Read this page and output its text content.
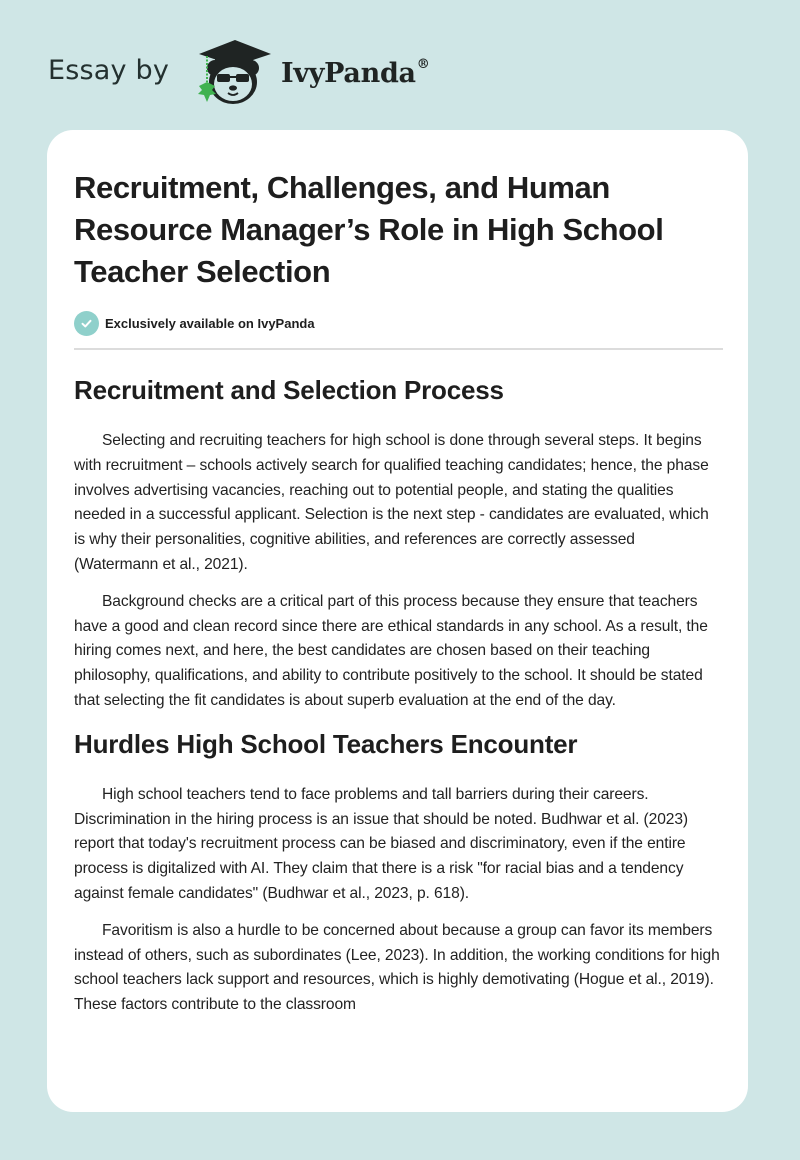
Essay by	IvyPanda®
Recruitment, Challenges, and Human Resource Manager’s Role in High School Teacher Selection
Exclusively available on IvyPanda
Recruitment and Selection Process

Selecting and recruiting teachers for high school is done through several steps. It begins with recruitment – schools actively search for qualified teaching candidates; hence, the phase involves advertising vacancies, reaching out to potential people, and stating the qualities needed in a successful applicant. Selection is the next step - candidates are evaluated, which is why their personalities, cognitive abilities, and references are correctly assessed (Watermann et al., 2021).

Background checks are a critical part of this process because they ensure that teachers have a good and clean record since there are ethical standards in any school. As a result, the hiring comes next, and here, the best candidates are chosen based on their teaching philosophy, qualifications, and ability to contribute positively to the school. It should be stated that selecting the fit candidates is about superb evaluation at the end of the day.

Hurdles High School Teachers Encounter

High school teachers tend to face problems and tall barriers during their careers. Discrimination in the hiring process is an issue that should be noted. Budhwar et al. (2023) report that today's recruitment process can be biased and discriminatory, even if the entire process is digitalized with AI. They claim that there is a risk "for racial bias and a tendency against female candidates" (Budhwar et al., 2023, p. 618).

Favoritism is also a hurdle to be concerned about because a group can favor its members instead of others, such as subordinates (Lee, 2023). In addition, the working conditions for high school teachers lack support and resources, which is highly demotivating (Hogue et al., 2019). These factors contribute to the classroom
